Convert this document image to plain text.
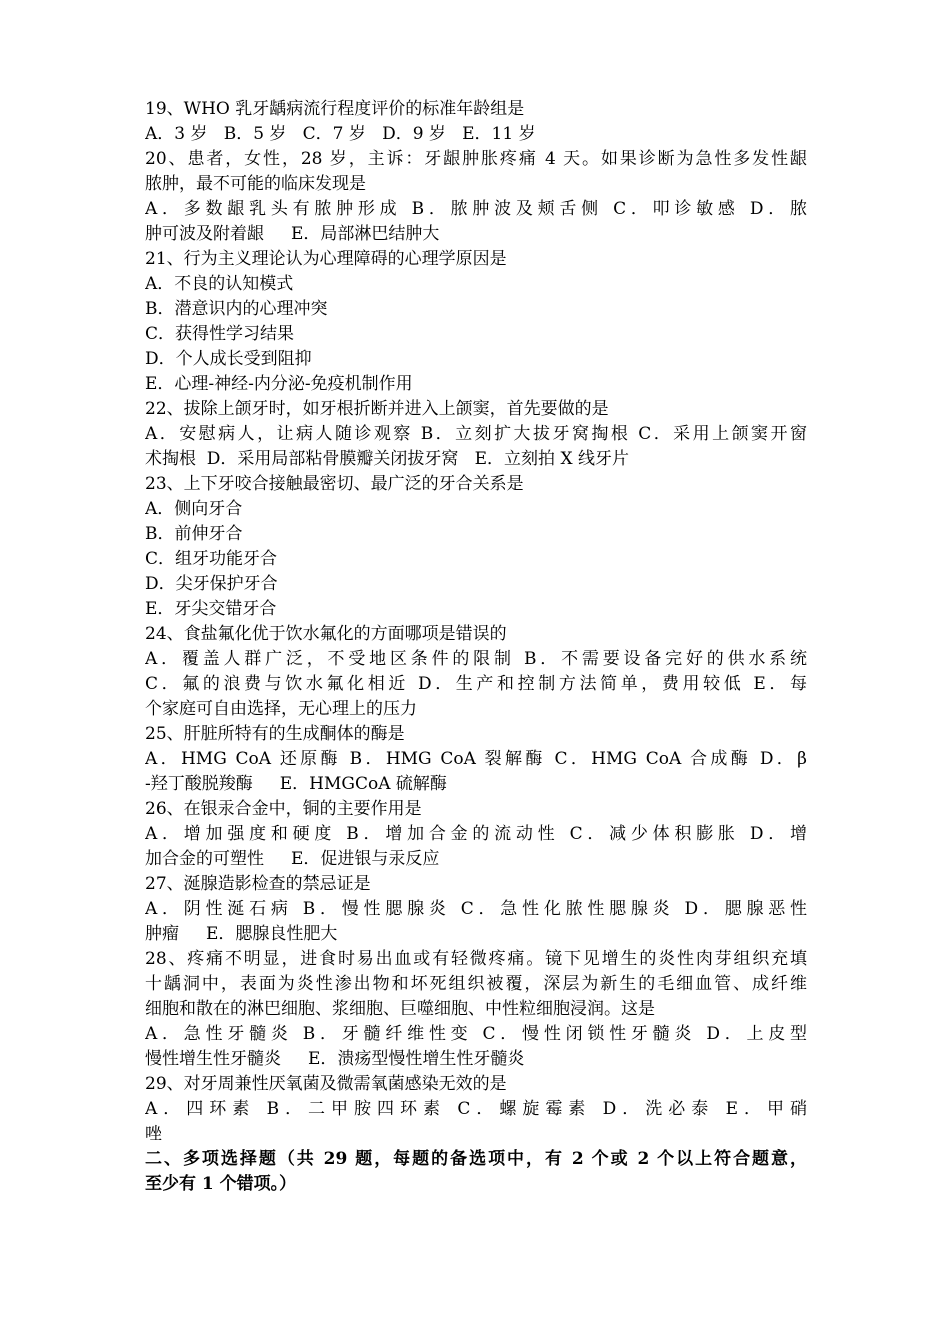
19、WHO 乳牙龋病流行程度评价的标准年龄组是
A．3 岁   B．5 岁   C．7 岁   D．9 岁   E．11 岁
20、患者，女性，28 岁，主诉：牙龈肿胀疼痛 4 天。如果诊断为急性多发性龈
脓肿，最不可能的临床发现是
A．多数龈乳头有脓肿形成 B．脓肿波及颊舌侧 C．叩诊敏感 D．脓
肿可波及附着龈     E．局部淋巴结肿大
21、行为主义理论认为心理障碍的心理学原因是
A．不良的认知模式
B．潜意识内的心理冲突
C．获得性学习结果
D．个人成长受到阻抑
E．心理-神经-内分泌-免疫机制作用
22、拔除上颌牙时，如牙根折断并进入上颌窦，首先要做的是
A．安慰病人，让病人随诊观察 B．立刻扩大拔牙窝掏根 C．采用上颌窦开窗
术掏根  D．采用局部粘骨膜瓣关闭拔牙窝   E．立刻拍 X 线牙片
23、上下牙咬合接触最密切、最广泛的牙合关系是
A．侧向牙合
B．前伸牙合
C．组牙功能牙合
D．尖牙保护牙合
E．牙尖交错牙合
24、食盐氟化优于饮水氟化的方面哪项是错误的
A．覆盖人群广泛，不受地区条件的限制 B．不需要设备完好的供水系统
C．氟的浪费与饮水氟化相近 D．生产和控制方法简单，费用较低 E．每
个家庭可自由选择，无心理上的压力
25、肝脏所特有的生成酮体的酶是
A．HMG CoA 还原酶 B．HMG CoA 裂解酶 C．HMG CoA 合成酶 D．β
-羟丁酸脱羧酶     E．HMGCoA 硫解酶
26、在银汞合金中，铜的主要作用是
A．增加强度和硬度 B．增加合金的流动性 C．减少体积膨胀 D．增
加合金的可塑性     E．促进银与汞反应
27、涎腺造影检查的禁忌证是
A．阴性涎石病 B．慢性腮腺炎 C．急性化脓性腮腺炎 D．腮腺恶性
肿瘤     E．腮腺良性肥大
28、疼痛不明显，进食时易出血或有轻微疼痛。镜下见增生的炎性肉芽组织充填
十龋洞中，表面为炎性渗出物和坏死组织被覆，深层为新生的毛细血管、成纤维
细胞和散在的淋巴细胞、浆细胞、巨噬细胞、中性粒细胞浸润。这是
A．急性牙髓炎 B．牙髓纤维性变 C．慢性闭锁性牙髓炎 D．上皮型
慢性增生性牙髓炎     E．溃疡型慢性增生性牙髓炎
29、对牙周兼性厌氧菌及微需氧菌感染无效的是
A．四环素 B．二甲胺四环素 C．螺旋霉素 D．洗必泰 E．甲硝
唑
二、多项选择题（共 29 题，每题的备选项中，有 2 个或 2 个以上符合题意，
至少有 1 个错项。）
